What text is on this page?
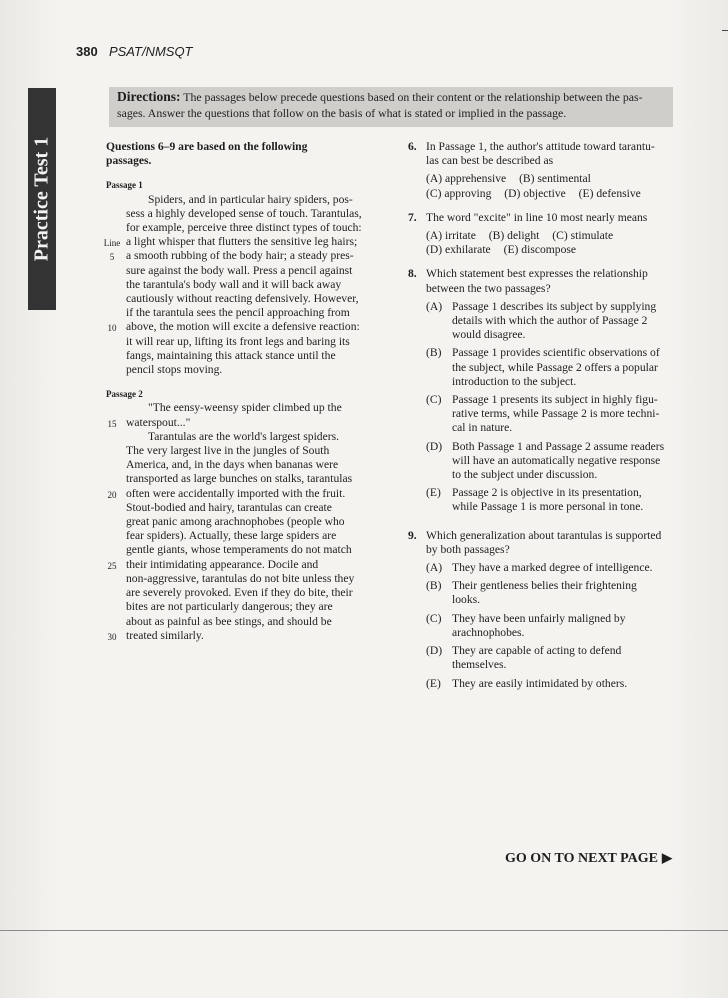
380 PSAT/NMSQT
Practice Test 1
Directions: The passages below precede questions based on their content or the relationship between the pas-
sages. Answer the questions that follow on the basis of what is stated or implied in the passage.
Questions 6–9 are based on the following
passages.
Passage 1
Spiders, and in particular hairy spiders, pos-
sess a highly developed sense of touch. Tarantulas,
for example, perceive three distinct types of touch:
Line a light whisper that flutters the sensitive leg hairs;
5	a smooth rubbing of the body hair; a steady pres-
sure against the body wall. Press a pencil against
the tarantula's body wall and it will back away
cautiously without reacting defensively. However,
if the tarantula sees the pencil approaching from
10 above, the motion will excite a defensive reaction:
it will rear up, lifting its front legs and baring its
fangs, maintaining this attack stance until the
pencil stops moving.
Passage 2
"The eensy-weensy spider climbed up the
15 waterspout..."
Tarantulas are the world's largest spiders.
The very largest live in the jungles of South
America, and, in the days when bananas were
transported as large bunches on stalks, tarantulas
20 often were accidentally imported with the fruit.
Stout-bodied and hairy, tarantulas can create
great panic among arachnophobes (people who
fear spiders). Actually, these large spiders are
gentle giants, whose temperaments do not match
25 their intimidating appearance. Docile and
non-aggressive, tarantulas do not bite unless they
are severely provoked. Even if they do bite, their
bites are not particularly dangerous; they are
about as painful as bee stings, and should be
30 treated similarly.
6. In Passage 1, the author's attitude toward tarantu-
las can best be described as
(A) apprehensive (B) sentimental
(C) approving (D) objective (E) defensive
7. The word "excite" in line 10 most nearly means
(A) irritate (B) delight (C) stimulate
(D) exhilarate (E) discompose
8. Which statement best expresses the relationship
between the two passages?
(A) Passage 1 describes its subject by supplying
details with which the author of Passage 2
would disagree.
(B) Passage 1 provides scientific observations of
the subject, while Passage 2 offers a popular
introduction to the subject.
(C) Passage 1 presents its subject in highly figu-
rative terms, while Passage 2 is more techni-
cal in nature.
(D) Both Passage 1 and Passage 2 assume readers
will have an automatically negative response
to the subject under discussion.
(E) Passage 2 is objective in its presentation,
while Passage 1 is more personal in tone.
9. Which generalization about tarantulas is supported
by both passages?
(A) They have a marked degree of intelligence.
(B) Their gentleness belies their frightening
looks.
(C) They have been unfairly maligned by
arachnophobes.
(D) They are capable of acting to defend
themselves.
(E) They are easily intimidated by others.
GO ON TO NEXT PAGE ▶
